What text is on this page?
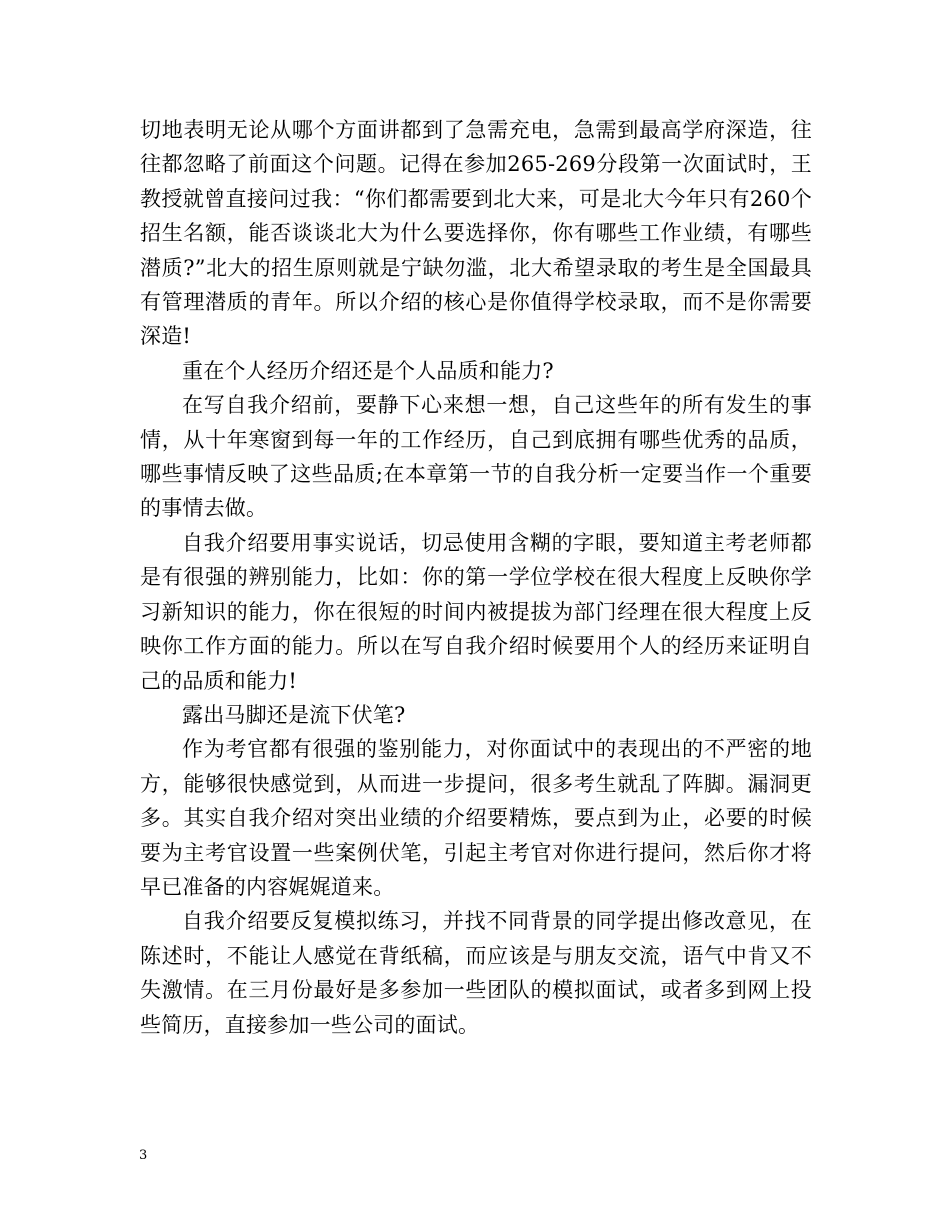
切地表明无论从哪个方面讲都到了急需充电，急需到最高学府深造，往往都忽略了前面这个问题。记得在参加265-269分段第一次面试时，王教授就曾直接问过我：“你们都需要到北大来，可是北大今年只有260个招生名额，能否谈谈北大为什么要选择你，你有哪些工作业绩，有哪些潜质?”北大的招生原则就是宁缺勿滥，北大希望录取的考生是全国最具有管理潜质的青年。所以介绍的核心是你值得学校录取，而不是你需要深造!

重在个人经历介绍还是个人品质和能力?

在写自我介绍前，要静下心来想一想，自己这些年的所有发生的事情，从十年寒窗到每一年的工作经历，自己到底拥有哪些优秀的品质，哪些事情反映了这些品质;在本章第一节的自我分析一定要当作一个重要的事情去做。

自我介绍要用事实说话，切忌使用含糊的字眼，要知道主考老师都是有很强的辨别能力，比如：你的第一学位学校在很大程度上反映你学习新知识的能力，你在很短的时间内被提拔为部门经理在很大程度上反映你工作方面的能力。所以在写自我介绍时候要用个人的经历来证明自己的品质和能力!

露出马脚还是流下伏笔?

作为考官都有很强的鉴别能力，对你面试中的表现出的不严密的地方，能够很快感觉到，从而进一步提问，很多考生就乱了阵脚。漏洞更多。其实自我介绍对突出业绩的介绍要精炼，要点到为止，必要的时候要为主考官设置一些案例伏笔，引起主考官对你进行提问，然后你才将早已准备的内容娓娓道来。

自我介绍要反复模拟练习，并找不同背景的同学提出修改意见，在陈述时，不能让人感觉在背纸稿，而应该是与朋友交流，语气中肯又不失激情。在三月份最好是多参加一些团队的模拟面试，或者多到网上投些简历，直接参加一些公司的面试。

3
